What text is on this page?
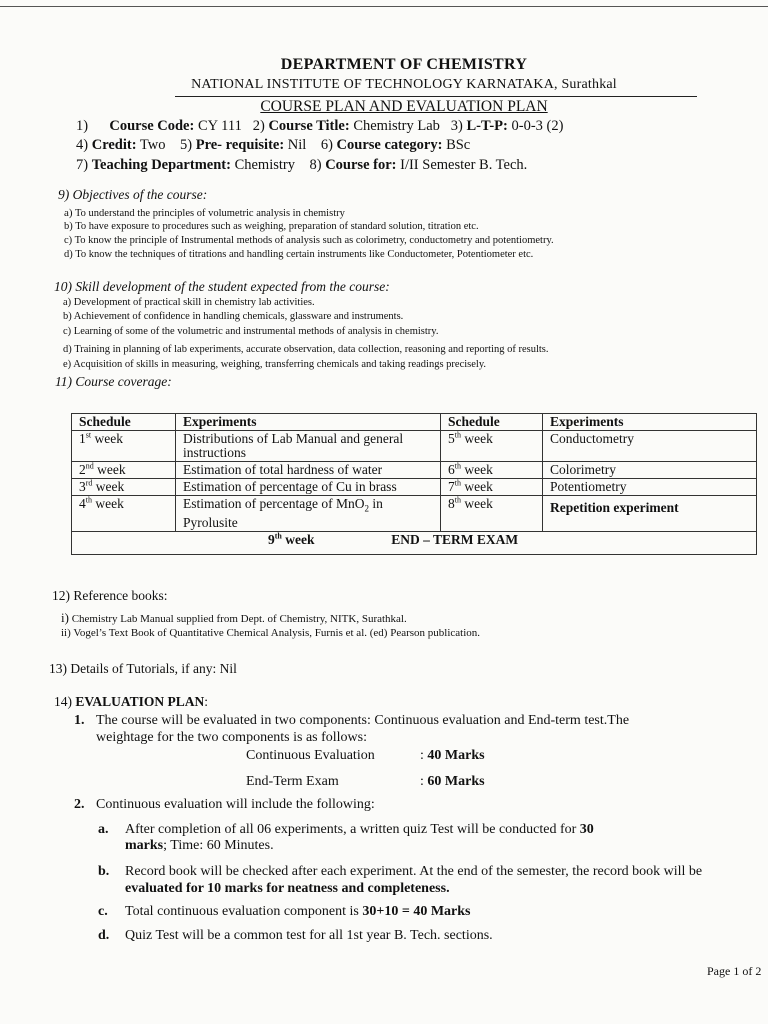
DEPARTMENT OF CHEMISTRY
NATIONAL INSTITUTE OF TECHNOLOGY KARNATAKA, Surathkal
COURSE PLAN AND EVALUATION PLAN
1) Course Code: CY 111 2) Course Title: Chemistry Lab 3) L-T-P: 0-0-3 (2)
4) Credit: Two 5) Pre- requisite: Nil 6) Course category: BSc
7) Teaching Department: Chemistry 8) Course for: I/II Semester B. Tech.
9) Objectives of the course:
a) To understand the principles of volumetric analysis in chemistry
b) To have exposure to procedures such as weighing, preparation of standard solution, titration etc.
c) To know the principle of Instrumental methods of analysis such as colorimetry, conductometry and potentiometry.
d) To know the techniques of titrations and handling certain instruments like Conductometer, Potentiometer etc.
10) Skill development of the student expected from the course:
a) Development of practical skill in chemistry lab activities.
b) Achievement of confidence in handling chemicals, glassware and instruments.
c) Learning of some of the volumetric and instrumental methods of analysis in chemistry.
d) Training in planning of lab experiments, accurate observation, data collection, reasoning and reporting of results.
e) Acquisition of skills in measuring, weighing, transferring chemicals and taking readings precisely.
11) Course coverage:
Schedule	Experiments	Schedule	Experiments
1st week	Distributions of Lab Manual and general instructions	5th week	Conductometry
2nd week	Estimation of total hardness of water	6th week	Colorimetry
3rd week	Estimation of percentage of Cu in brass	7th week	Potentiometry
4th week	Estimation of percentage of MnO$_2$ in Pyrolusite	8th week	Repetition experiment
9th week END – TERM EXAM			
12) Reference books:
i) Chemistry Lab Manual supplied from Dept. of Chemistry, NITK, Surathkal.
ii) Vogel’s Text Book of Quantitative Chemical Analysis, Furnis et al. (ed) Pearson publication.
13) Details of Tutorials, if any: Nil
14) EVALUATION PLAN:
1. The course will be evaluated in two components: Continuous evaluation and End-term test.The
weightage for the two components is as follows:
Continuous Evaluation	: 40 Marks
End-Term Exam	: 60 Marks
2. Continuous evaluation will include the following:
a. After completion of all 06 experiments, a written quiz Test will be conducted for 30
marks; Time: 60 Minutes.
b. Record book will be checked after each experiment. At the end of the semester, the record book will be
evaluated for 10 marks for neatness and completeness.
c. Total continuous evaluation component is 30+10 = 40 Marks
d. Quiz Test will be a common test for all 1st year B. Tech. sections.
Page 1 of 2
